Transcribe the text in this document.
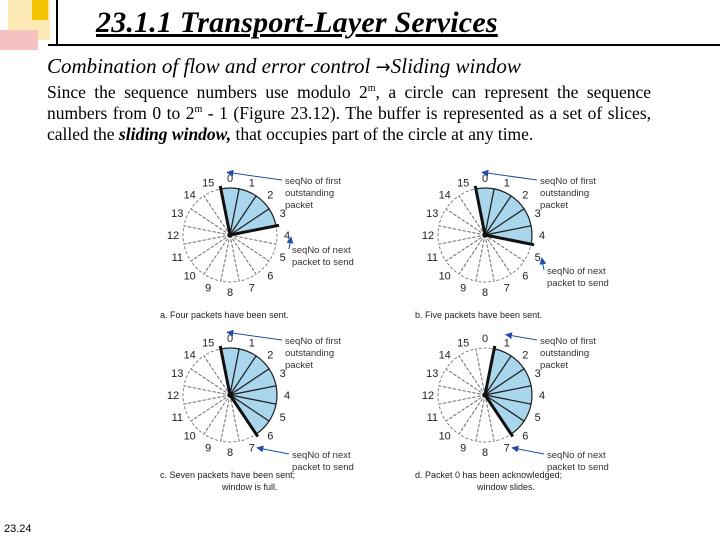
23.1.1 Transport-Layer Services
Combination of flow and error control →Sliding window
Since the sequence numbers use modulo 2$^m$, a circle can represent the sequence numbers from 0 to 2$^m$ - 1 (Figure 23.12). The buffer is represented as a set of slices, called the sliding window, that occupies part of the circle at any time.
0 1
2
3
4
5
6
7
8
9
10
11
12
13
14
15	seqNo of first
outstanding
packet
seqNo of next
packet to send
a. Four packets have been sent.
0 1
2
3
4
5
6
7
8
9
10
11
12
13
14
15	seqNo of first
outstanding
packet
seqNo of next
packet to send
b. Five packets have been sent.
0 1
2
3
4
5
6
7
8
9
10
11
12
13
14
15	seqNo of first
outstanding
packet
seqNo of next
packet to send
c. Seven packets have been sent;
window is full.
0 1
2
3
4
5
6
7
8
9
10
11
12
13
14
15	seqNo of first
outstanding
packet
seqNo of next
packet to send
d. Packet 0 has been acknowledged;
window slides.
23.24
